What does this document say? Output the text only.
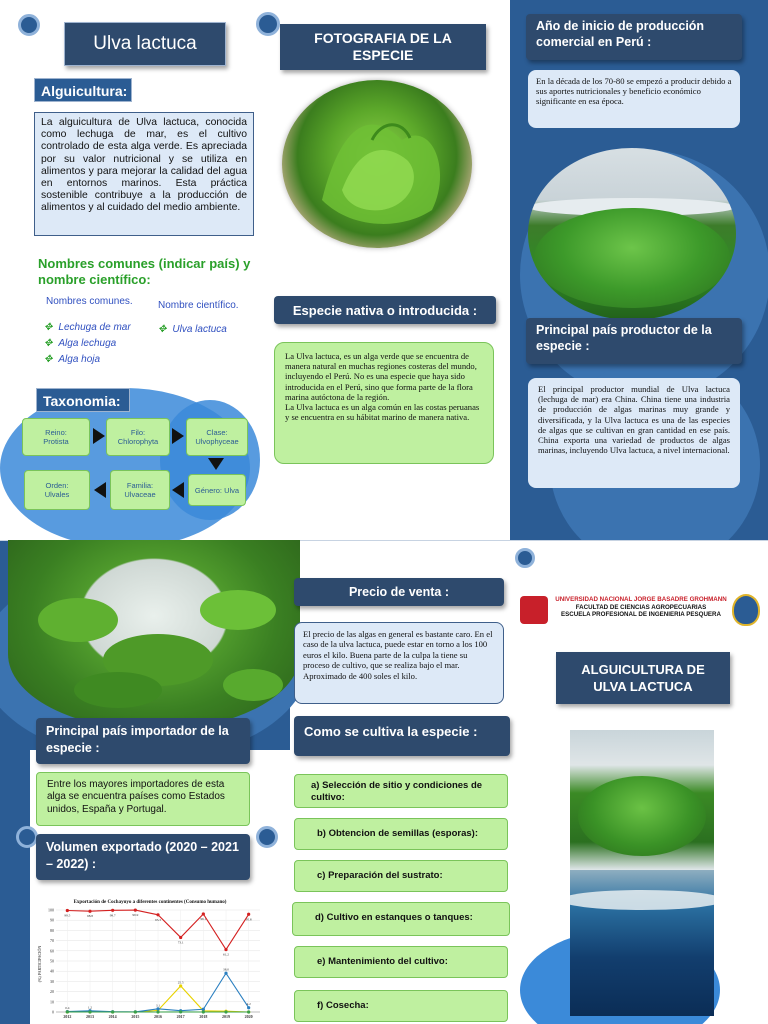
Ulva lactuca
Alguicultura:
La alguicultura de Ulva lactuca, conocida como lechuga de mar, es el cultivo controlado de esta alga verde. Es apreciada por su valor nutricional y se utiliza en alimentos y para mejorar la calidad del agua en entornos marinos. Esta práctica sostenible contribuye a la producción de alimentos y al cuidado del medio ambiente.
Nombres comunes (indicar país) y nombre científico:
Nombres comunes.	Nombre científico.
✥ Lechuga de mar
✥ Alga lechuga
✥ Alga hoja
✥ Ulva lactuca
Taxonomia:
Reino:
Protista
Filo:
Chlorophyta
Clase:
Ulvophyceae
Género:
Ulva
Familia:
Ulvaceae
Orden:
Ulvales
FOTOGRAFIA DE LA ESPECIE
Especie nativa o introducida :
La Ulva lactuca, es un alga verde que se encuentra de manera natural en muchas regiones costeras del mundo, incluyendo el Perú. No es una especie que haya sido introducida en el Perú, sino que forma parte de la flora marina autóctona de la región.
La Ulva lactuca es un alga común en las costas peruanas y se encuentra en su hábitat marino de manera nativa.
Año de inicio de producción comercial en Perú :
En la década de los 70-80 se empezó a producir debido a sus aportes nutricionales y beneficio económico significante en esa época.
Principal país productor de la especie :
El principal productor mundial de Ulva lactuca (lechuga de mar) era China. China tiene una industria de producción de algas marinas muy grande y diversificada, y la Ulva lactuca es una de las especies de algas que se cultivan en gran cantidad en ese país. China exporta una variedad de productos de algas marinas, incluyendo Ulva lactuca, a nivel internacional.
Principal país importador de la especie :
Entre los mayores importadores de esta alga se encuentra países como Estados unidos, España y Portugal.
Volumen exportado (2020 – 2021 – 2022) :
Exportación de Cochayuyo a diferentes continentes (Consumo humano)
(%) PARTICIPACIÓN
0
10
20
30
40
50
60
70
80
90
100
2012	2013	2014	2015	2016	2017	2018	2019	2020
99.5	98.8	99.7	99.9
95.3
73.1
96.1
61.2
95.8
25.5
0.4	1.2	3.1
38.0
4.2
Precio de venta :
El precio de las algas en general es bastante caro. En el caso de la ulva lactuca, puede estar en torno a los 100 euros el kilo. Buena parte de la culpa la tiene su proceso de cultivo, que se realiza bajo el mar. Aproximado de 400 soles el kilo.
Como se cultiva la especie :
a) Selección de sitio y condiciones de cultivo:
b) Obtencion de semillas (esporas):
c) Preparación del sustrato:
d) Cultivo en estanques o tanques:
e) Mantenimiento del cultivo:
f) Cosecha:
UNIVERSIDAD NACIONAL JORGE BASADRE GROHMANN
FACULTAD DE CIENCIAS AGROPECUARIAS
ESCUELA PROFESIONAL DE INGENIERIA PESQUERA
ALGUICULTURA DE ULVA LACTUCA
